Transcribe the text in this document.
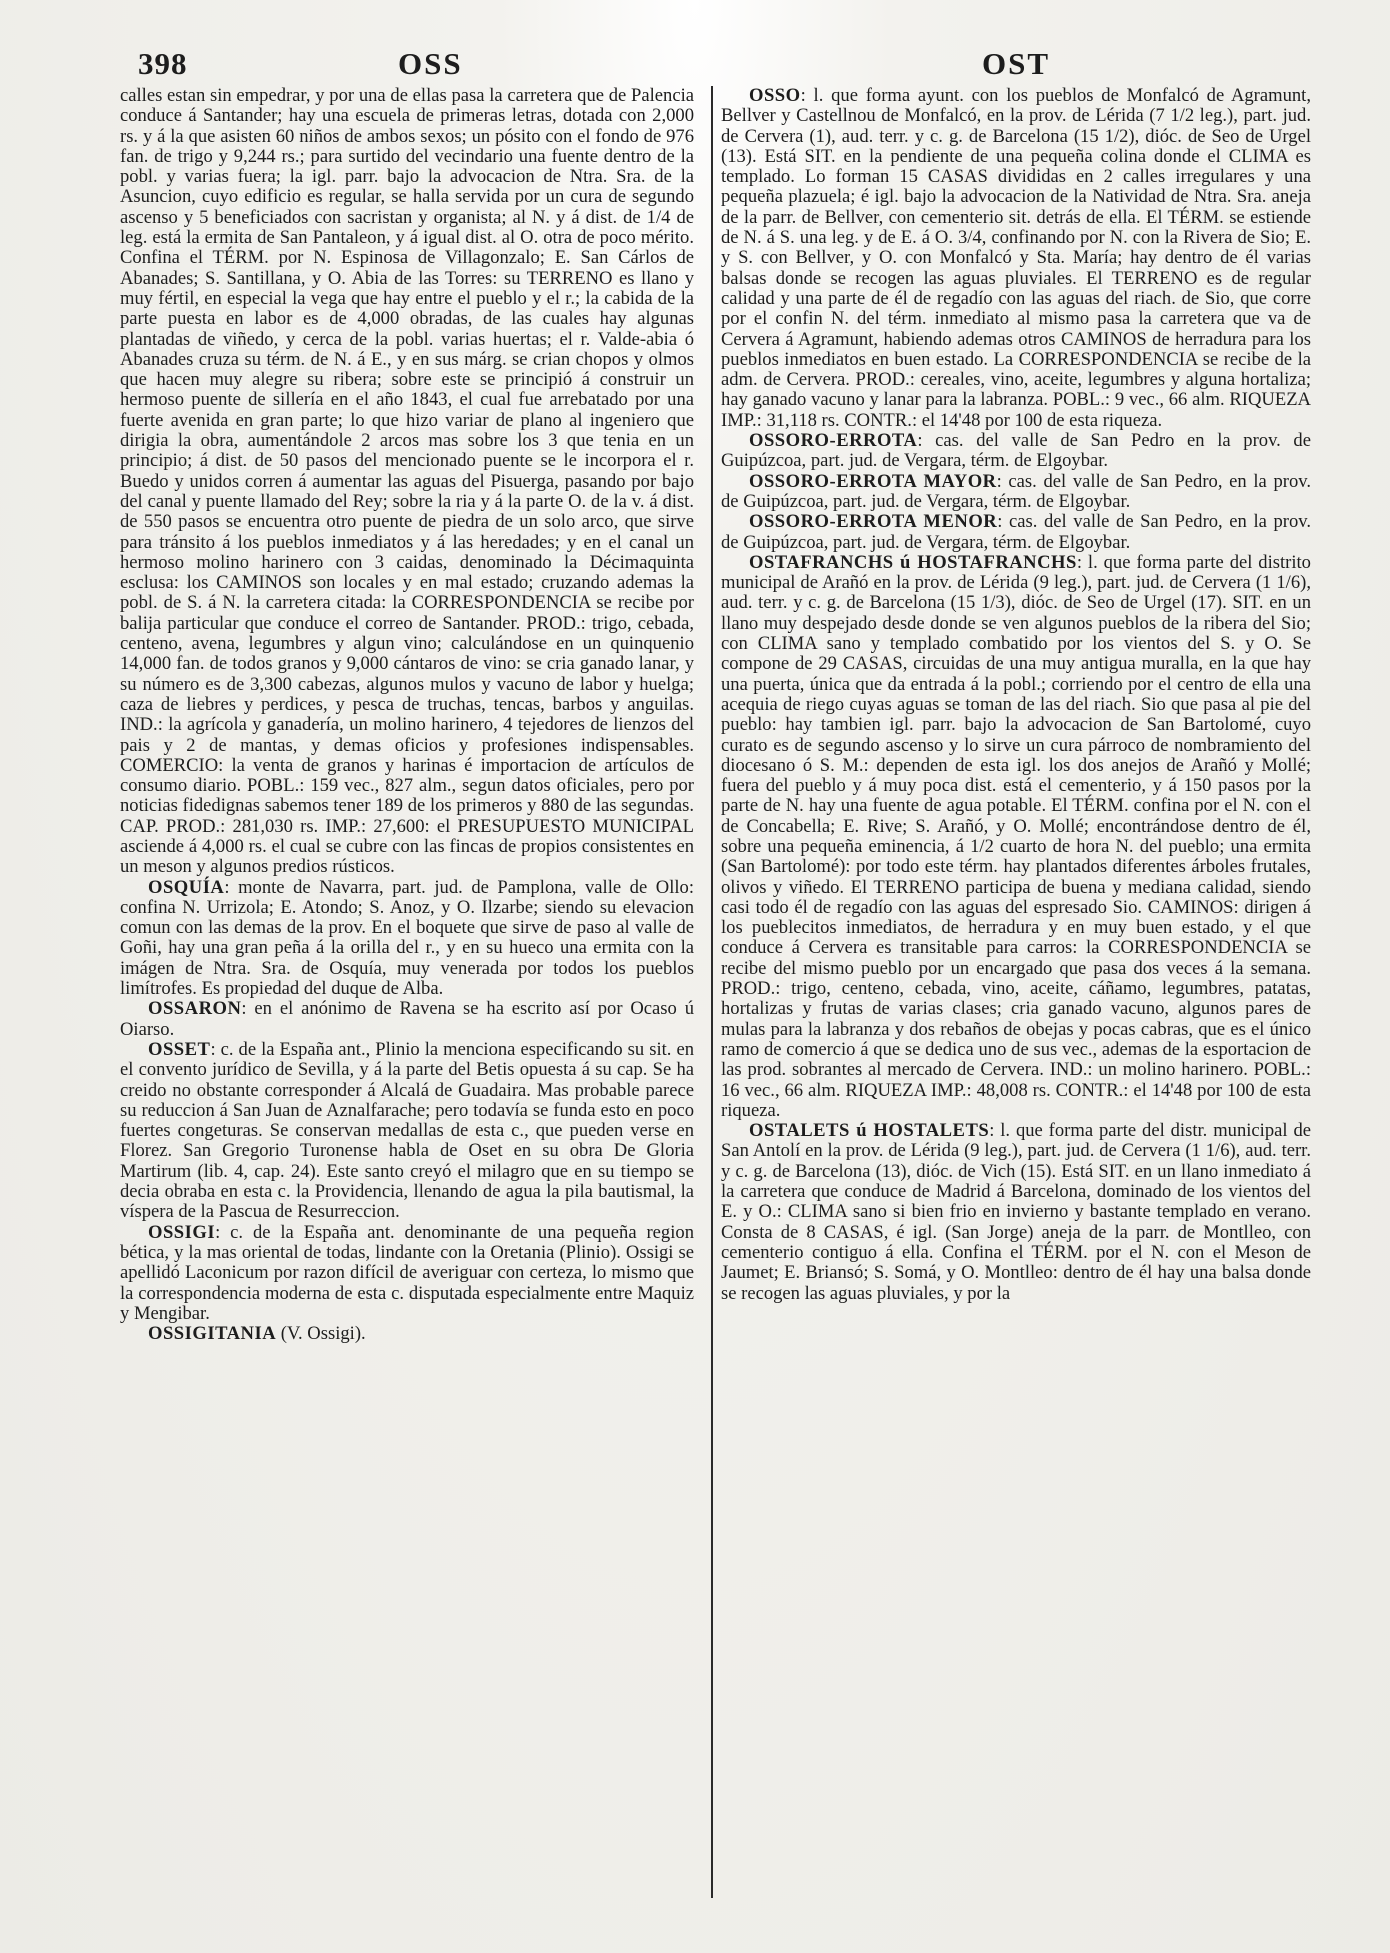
398	OSS	OST

calles estan sin empedrar, y por una de ellas pasa la carretera que de Palencia conduce á Santander; hay una escuela de primeras letras, dotada con 2,000 rs. y á la que asisten 60 niños de ambos sexos; un pósito con el fondo de 976 fan. de trigo y 9,244 rs.; para surtido del vecindario una fuente dentro de la pobl. y varias fuera; la igl. parr. bajo la advocacion de Ntra. Sra. de la Asuncion, cuyo edificio es regular, se halla servida por un cura de segundo ascenso y 5 beneficiados con sacristan y organista; al N. y á dist. de 1/4 de leg. está la ermita de San Pantaleon, y á igual dist. al O. otra de poco mérito. Confina el TÉRM. por N. Espinosa de Villagonzalo; E. San Cárlos de Abanades; S. Santillana, y O. Abia de las Torres: su TERRENO es llano y muy fértil, en especial la vega que hay entre el pueblo y el r.; la cabida de la parte puesta en labor es de 4,000 obradas, de las cuales hay algunas plantadas de viñedo, y cerca de la pobl. varias huertas; el r. Valde-abia ó Abanades cruza su térm. de N. á E., y en sus márg. se crian chopos y olmos que hacen muy alegre su ribera; sobre este se principió á construir un hermoso puente de sillería en el año 1843, el cual fue arrebatado por una fuerte avenida en gran parte; lo que hizo variar de plano al ingeniero que dirigia la obra, aumentándole 2 arcos mas sobre los 3 que tenia en un principio; á dist. de 50 pasos del mencionado puente se le incorpora el r. Buedo y unidos corren á aumentar las aguas del Pisuerga, pasando por bajo del canal y puente llamado del Rey; sobre la ria y á la parte O. de la v. á dist. de 550 pasos se encuentra otro puente de piedra de un solo arco, que sirve para tránsito á los pueblos inmediatos y á las heredades; y en el canal un hermoso molino harinero con 3 caidas, denominado la Décimaquinta esclusa: los CAMINOS son locales y en mal estado; cruzando ademas la pobl. de S. á N. la carretera citada: la CORRESPONDENCIA se recibe por balija particular que conduce el correo de Santander. PROD.: trigo, cebada, centeno, avena, legumbres y algun vino; calculándose en un quinquenio 14,000 fan. de todos granos y 9,000 cántaros de vino: se cria ganado lanar, y su número es de 3,300 cabezas, algunos mulos y vacuno de labor y huelga; caza de liebres y perdices, y pesca de truchas, tencas, barbos y anguilas. IND.: la agrícola y ganadería, un molino harinero, 4 tejedores de lienzos del pais y 2 de mantas, y demas oficios y profesiones indispensables. COMERCIO: la venta de granos y harinas é importacion de artículos de consumo diario. POBL.: 159 vec., 827 alm., segun datos oficiales, pero por noticias fidedignas sabemos tener 189 de los primeros y 880 de las segundas. CAP. PROD.: 281,030 rs. IMP.: 27,600: el PRESUPUESTO MUNICIPAL asciende á 4,000 rs. el cual se cubre con las fincas de propios consistentes en un meson y algunos predios rústicos.

OSQUÍA: monte de Navarra, part. jud. de Pamplona, valle de Ollo: confina N. Urrizola; E. Atondo; S. Anoz, y O. Ilzarbe; siendo su elevacion comun con las demas de la prov. En el boquete que sirve de paso al valle de Goñi, hay una gran peña á la orilla del r., y en su hueco una ermita con la imágen de Ntra. Sra. de Osquía, muy venerada por todos los pueblos limítrofes. Es propiedad del duque de Alba.

OSSARON: en el anónimo de Ravena se ha escrito así por Ocaso ú Oiarso.

OSSET: c. de la España ant., Plinio la menciona especificando su sit. en el convento jurídico de Sevilla, y á la parte del Betis opuesta á su cap. Se ha creido no obstante corresponder á Alcalá de Guadaira. Mas probable parece su reduccion á San Juan de Aznalfarache; pero todavía se funda esto en poco fuertes congeturas. Se conservan medallas de esta c., que pueden verse en Florez. San Gregorio Turonense habla de Oset en su obra De Gloria Martirum (lib. 4, cap. 24). Este santo creyó el milagro que en su tiempo se decia obraba en esta c. la Providencia, llenando de agua la pila bautismal, la víspera de la Pascua de Resurreccion.

OSSIGI: c. de la España ant. denominante de una pequeña region bética, y la mas oriental de todas, lindante con la Oretania (Plinio). Ossigi se apellidó Laconicum por razon difícil de averiguar con certeza, lo mismo que la correspondencia moderna de esta c. disputada especialmente entre Maquiz y Mengibar.

OSSIGITANIA (V. Ossigi).

OSSO: l. que forma ayunt. con los pueblos de Monfalcó de Agramunt, Bellver y Castellnou de Monfalcó, en la prov. de Lérida (7 1/2 leg.), part. jud. de Cervera (1), aud. terr. y c. g. de Barcelona (15 1/2), dióc. de Seo de Urgel (13). Está SIT. en la pendiente de una pequeña colina donde el CLIMA es templado. Lo forman 15 CASAS divididas en 2 calles irregulares y una pequeña plazuela; é igl. bajo la advocacion de la Natividad de Ntra. Sra. aneja de la parr. de Bellver, con cementerio sit. detrás de ella. El TÉRM. se estiende de N. á S. una leg. y de E. á O. 3/4, confinando por N. con la Rivera de Sio; E. y S. con Bellver, y O. con Monfalcó y Sta. María; hay dentro de él varias balsas donde se recogen las aguas pluviales. El TERRENO es de regular calidad y una parte de él de regadío con las aguas del riach. de Sio, que corre por el confin N. del térm. inmediato al mismo pasa la carretera que va de Cervera á Agramunt, habiendo ademas otros CAMINOS de herradura para los pueblos inmediatos en buen estado. La CORRESPONDENCIA se recibe de la adm. de Cervera. PROD.: cereales, vino, aceite, legumbres y alguna hortaliza; hay ganado vacuno y lanar para la labranza. POBL.: 9 vec., 66 alm. RIQUEZA IMP.: 31,118 rs. CONTR.: el 14'48 por 100 de esta riqueza.

OSSORO-ERROTA: cas. del valle de San Pedro en la prov. de Guipúzcoa, part. jud. de Vergara, térm. de Elgoybar.

OSSORO-ERROTA MAYOR: cas. del valle de San Pedro, en la prov. de Guipúzcoa, part. jud. de Vergara, térm. de Elgoybar.

OSSORO-ERROTA MENOR: cas. del valle de San Pedro, en la prov. de Guipúzcoa, part. jud. de Vergara, térm. de Elgoybar.

OSTAFRANCHS ú HOSTAFRANCHS: l. que forma parte del distrito municipal de Arañó en la prov. de Lérida (9 leg.), part. jud. de Cervera (1 1/6), aud. terr. y c. g. de Barcelona (15 1/3), dióc. de Seo de Urgel (17). SIT. en un llano muy despejado desde donde se ven algunos pueblos de la ribera del Sio; con CLIMA sano y templado combatido por los vientos del S. y O. Se compone de 29 CASAS, circuidas de una muy antigua muralla, en la que hay una puerta, única que da entrada á la pobl.; corriendo por el centro de ella una acequia de riego cuyas aguas se toman de las del riach. Sio que pasa al pie del pueblo: hay tambien igl. parr. bajo la advocacion de San Bartolomé, cuyo curato es de segundo ascenso y lo sirve un cura párroco de nombramiento del diocesano ó S. M.: dependen de esta igl. los dos anejos de Arañó y Mollé; fuera del pueblo y á muy poca dist. está el cementerio, y á 150 pasos por la parte de N. hay una fuente de agua potable. El TÉRM. confina por el N. con el de Concabella; E. Rive; S. Arañó, y O. Mollé; encontrándose dentro de él, sobre una pequeña eminencia, á 1/2 cuarto de hora N. del pueblo; una ermita (San Bartolomé): por todo este térm. hay plantados diferentes árboles frutales, olivos y viñedo. El TERRENO participa de buena y mediana calidad, siendo casi todo él de regadío con las aguas del espresado Sio. CAMINOS: dirigen á los pueblecitos inmediatos, de herradura y en muy buen estado, y el que conduce á Cervera es transitable para carros: la CORRESPONDENCIA se recibe del mismo pueblo por un encargado que pasa dos veces á la semana. PROD.: trigo, centeno, cebada, vino, aceite, cáñamo, legumbres, patatas, hortalizas y frutas de varias clases; cria ganado vacuno, algunos pares de mulas para la labranza y dos rebaños de obejas y pocas cabras, que es el único ramo de comercio á que se dedica uno de sus vec., ademas de la esportacion de las prod. sobrantes al mercado de Cervera. IND.: un molino harinero. POBL.: 16 vec., 66 alm. RIQUEZA IMP.: 48,008 rs. CONTR.: el 14'48 por 100 de esta riqueza.

OSTALETS ú HOSTALETS: l. que forma parte del distr. municipal de San Antolí en la prov. de Lérida (9 leg.), part. jud. de Cervera (1 1/6), aud. terr. y c. g. de Barcelona (13), dióc. de Vich (15). Está SIT. en un llano inmediato á la carretera que conduce de Madrid á Barcelona, dominado de los vientos del E. y O.: CLIMA sano si bien frio en invierno y bastante templado en verano. Consta de 8 CASAS, é igl. (San Jorge) aneja de la parr. de Montlleo, con cementerio contiguo á ella. Confina el TÉRM. por el N. con el Meson de Jaumet; E. Briansó; S. Somá, y O. Montlleo: dentro de él hay una balsa donde se recogen las aguas pluviales, y por la
